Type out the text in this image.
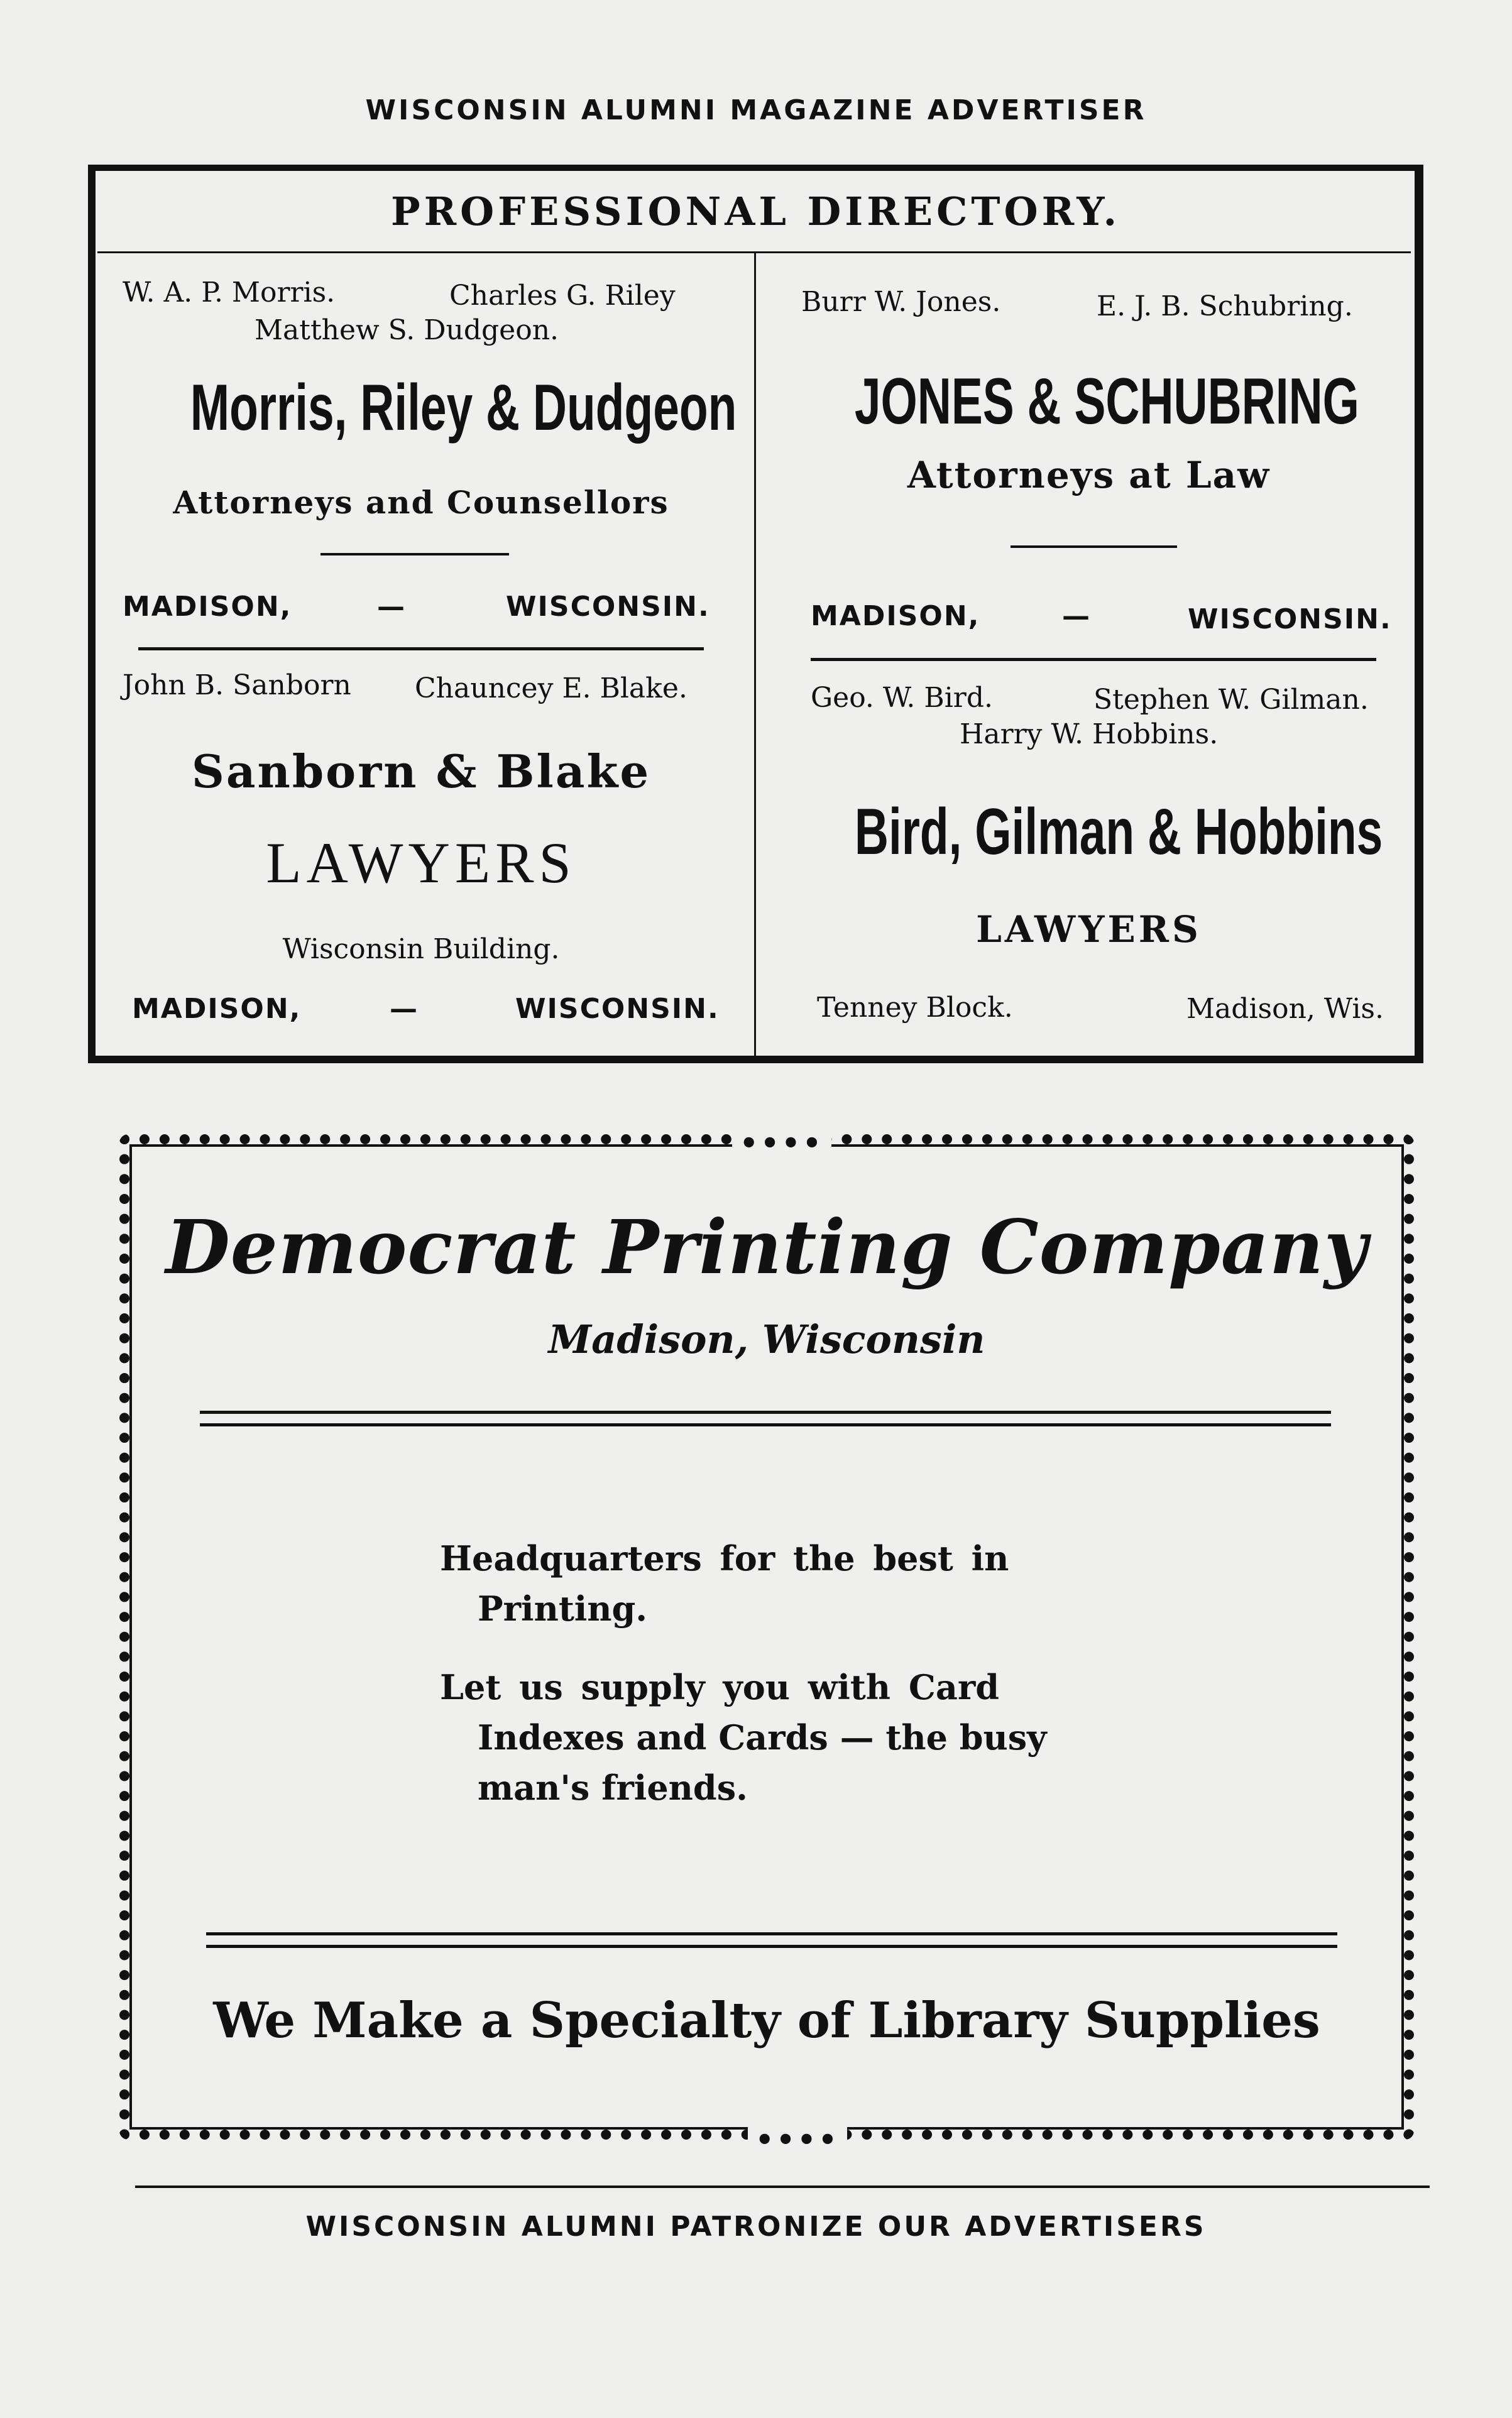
WISCONSIN ALUMNI MAGAZINE ADVERTISER
PROFESSIONAL DIRECTORY.
W. A. P. Morris.	Charles G. Riley
Matthew S. Dudgeon.
Morris, Riley & Dudgeon
Attorneys and Counsellors
MADISON,	—	WISCONSIN.
John B. Sanborn Chauncey E. Blake.
Sanborn & Blake
LAWYERS
Wisconsin Building.
MADISON,	—	WISCONSIN.
Burr W. Jones.	E. J. B. Schubring.
JONES & SCHUBRING
Attorneys at Law
MADISON,	—	WISCONSIN.
Geo. W. Bird.	Stephen W. Gilman.
Harry W. Hobbins.
Bird, Gilman & Hobbins
LAWYERS
Tenney Block.	Madison, Wis.
••••
••••
Democrat Printing Company
Madison, Wisconsin
Headquarters for the best in
Printing.
Let us supply you with Card
Indexes and Cards — the busy
man's friends.
We Make a Specialty of Library Supplies
WISCONSIN ALUMNI PATRONIZE OUR ADVERTISERS
